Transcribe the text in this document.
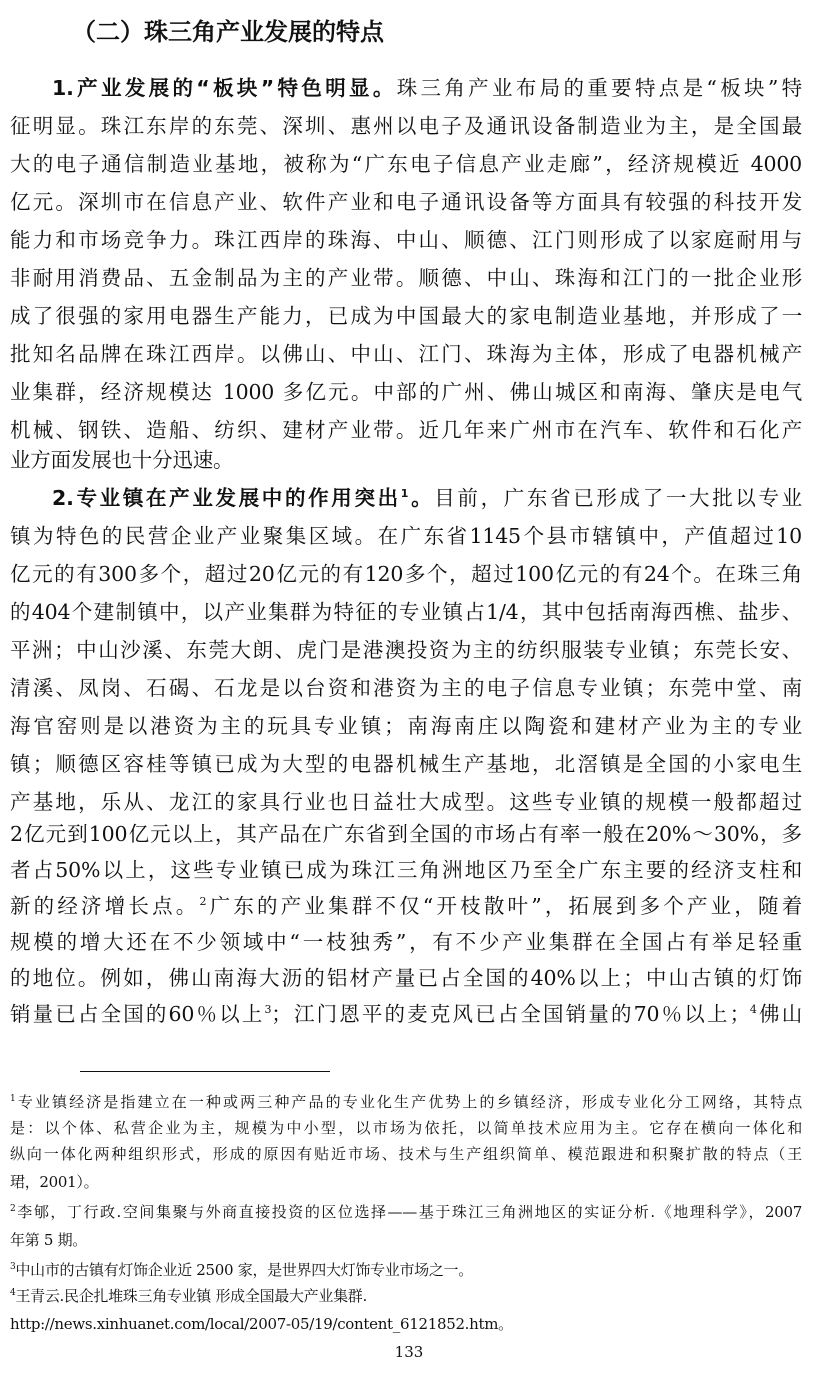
（二）珠三角产业发展的特点
1.产业发展的“板块”特色明显。珠三角产业布局的重要特点是“板块”特
征明显。珠江东岸的东莞、深圳、惠州以电子及通讯设备制造业为主，是全国最
大的电子通信制造业基地，被称为“广东电子信息产业走廊”，经济规模近 4000
亿元。深圳市在信息产业、软件产业和电子通讯设备等方面具有较强的科技开发
能力和市场竞争力。珠江西岸的珠海、中山、顺德、江门则形成了以家庭耐用与
非耐用消费品、五金制品为主的产业带。顺德、中山、珠海和江门的一批企业形
成了很强的家用电器生产能力，已成为中国最大的家电制造业基地，并形成了一
批知名品牌在珠江西岸。以佛山、中山、江门、珠海为主体，形成了电器机械产
业集群，经济规模达 1000 多亿元。中部的广州、佛山城区和南海、肇庆是电气
机械、钢铁、造船、纺织、建材产业带。近几年来广州市在汽车、软件和石化产
业方面发展也十分迅速。
2.专业镇在产业发展中的作用突出$^1$。目前，广东省已形成了一大批以专业
镇为特色的民营企业产业聚集区域。在广东省1145个县市辖镇中，产值超过10
亿元的有300多个，超过20亿元的有120多个，超过100亿元的有24个。在珠三角
的404个建制镇中，以产业集群为特征的专业镇占1/4，其中包括南海西樵、盐步、
平洲；中山沙溪、东莞大朗、虎门是港澳投资为主的纺织服装专业镇；东莞长安、
清溪、凤岗、石碣、石龙是以台资和港资为主的电子信息专业镇；东莞中堂、南
海官窑则是以港资为主的玩具专业镇；南海南庄以陶瓷和建材产业为主的专业
镇；顺德区容桂等镇已成为大型的电器机械生产基地，北滘镇是全国的小家电生
产基地，乐从、龙江的家具行业也日益壮大成型。这些专业镇的规模一般都超过
2亿元到100亿元以上，其产品在广东省到全国的市场占有率一般在20%～30%，多
者占50%以上，这些专业镇已成为珠江三角洲地区乃至全广东主要的经济支柱和
新的经济增长点。$^2$广东的产业集群不仅“开枝散叶”，拓展到多个产业，随着
规模的增大还在不少领域中“一枝独秀”，有不少产业集群在全国占有举足轻重
的地位。例如，佛山南海大沥的铝材产量已占全国的40%以上；中山古镇的灯饰
销量已占全国的60％以上$^3$；江门恩平的麦克风已占全国销量的70％以上；$^4$佛山
$^1$专业镇经济是指建立在一种或两三种产品的专业化生产优势上的乡镇经济，形成专业化分工网络，其特点
是：以个体、私营企业为主，规模为中小型，以市场为依托，以简单技术应用为主。它存在横向一体化和
纵向一体化两种组织形式，形成的原因有贴近市场、技术与生产组织简单、模范跟进和积聚扩散的特点（王
珺，2001）。
$^2$李郇，丁行政.空间集聚与外商直接投资的区位选择——基于珠江三角洲地区的实证分析.《地理科学》，2007
年第 5 期。
$^3$中山市的古镇有灯饰企业近 2500 家，是世界四大灯饰专业市场之一。
$^4$王青云.民企扎堆珠三角专业镇 形成全国最大产业集群.
http://news.xinhuanet.com/local/2007-05/19/content_6121852.htm。
133
